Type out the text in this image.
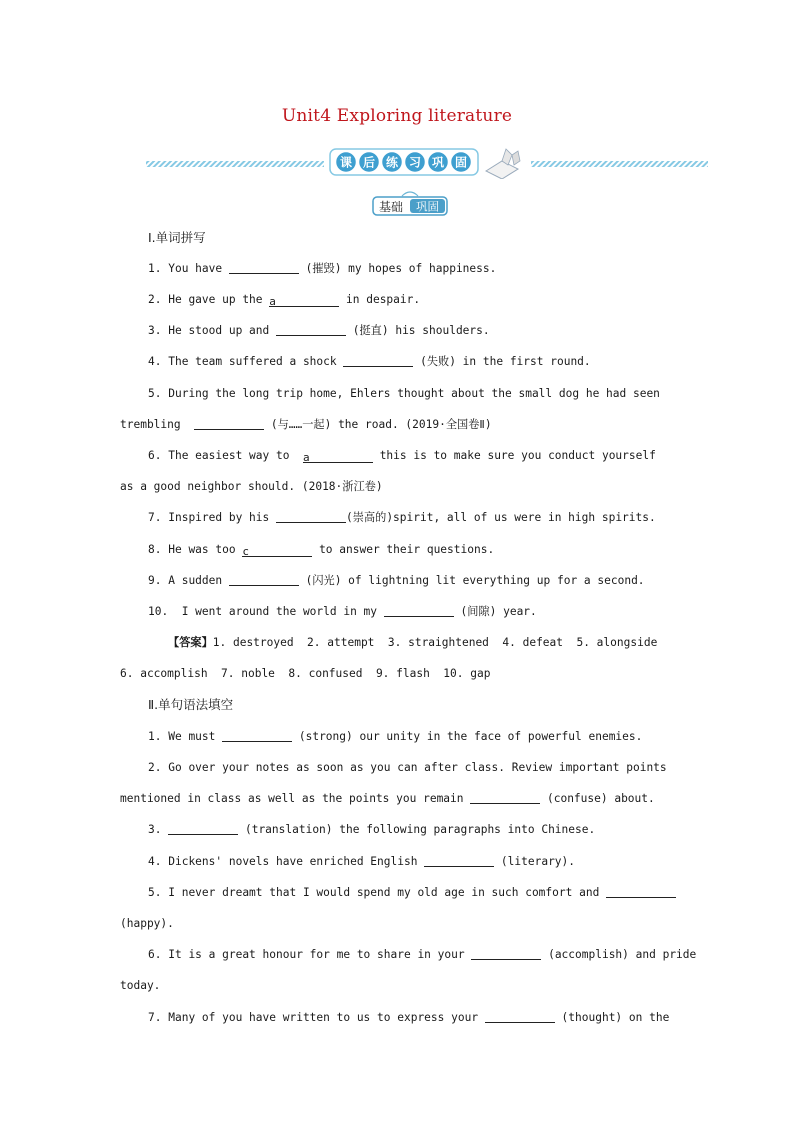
Unit4 Exploring literature
课 后 练 习 巩 固
基础 巩固
Ⅰ.单词拼写
1. You have	(摧毁) my hopes of happiness.
2. He gave up the a	in despair.
3. He stood up and	(挺直) his shoulders.
4. The team suffered a shock	(失败) in the first round.
5. During the long trip home, Ehlers thought about the small dog he had seen
trembling	(与……一起) the road. (2019·全国卷Ⅱ)
6. The easiest way to  a	this is to make sure you conduct yourself
as a good neighbor should. (2018·浙江卷)
7. Inspired by his	(崇高的)spirit, all of us were in high spirits.
8. He was too c	to answer their questions.
9. A sudden	(闪光) of lightning lit everything up for a second.
10.  I went around the world in my	(间隙) year.
【答案】1. destroyed  2. attempt  3. straightened  4. defeat  5. alongside
6. accomplish  7. noble  8. confused  9. flash  10. gap
Ⅱ.单句语法填空
1. We must	(strong) our unity in the face of powerful enemies.
2. Go over your notes as soon as you can after class. Review important points
mentioned in class as well as the points you remain	(confuse) about.
3.	(translation) the following paragraphs into Chinese.
4. Dickens' novels have enriched English	(literary).
5. I never dreamt that I would spend my old age in such comfort and
(happy).
6. It is a great honour for me to share in your	(accomplish) and pride
today.
7. Many of you have written to us to express your	(thought) on the
